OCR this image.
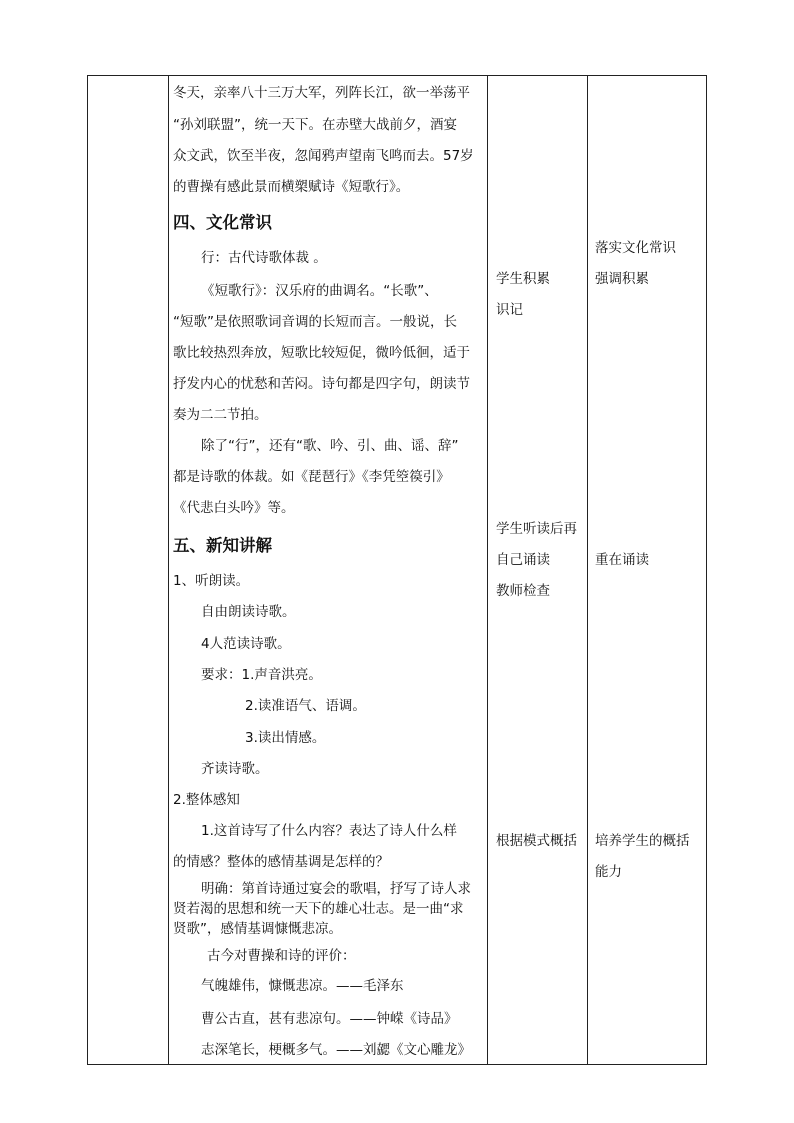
冬天，亲率八十三万大军，列阵长江，欲一举荡平
“孙刘联盟”，统一天下。在赤壁大战前夕，酒宴
众文武，饮至半夜，忽闻鸦声望南飞鸣而去。57岁
的曹操有感此景而横槊赋诗《短歌行》。
四、文化常识
行：古代诗歌体裁 。
《短歌行》：汉乐府的曲调名。“长歌”、
“短歌”是依照歌词音调的长短而言。一般说，长
歌比较热烈奔放，短歌比较短促，微吟低徊，适于
抒发内心的忧愁和苦闷。诗句都是四字句，朗读节
奏为二二节拍。
除了“行”，还有“歌、吟、引、曲、谣、辞”
都是诗歌的体裁。如《琵琶行》《李凭箜篌引》
《代悲白头吟》等。
五、新知讲解
1、听朗读。
自由朗读诗歌。
4人范读诗歌。
要求：1.声音洪亮。
2.读准语气、语调。
3.读出情感。
齐读诗歌。
2.整体感知
1.这首诗写了什么内容？表达了诗人什么样
的情感？整体的感情基调是怎样的？
明确：第首诗通过宴会的歌唱，抒写了诗人求
贤若渴的思想和统一天下的雄心壮志。是一曲“求
贤歌”，感情基调慷慨悲凉。
古今对曹操和诗的评价：
气魄雄伟，慷慨悲凉。——毛泽东
曹公古直，甚有悲凉句。——钟嵘《诗品》
志深笔长，梗概多气。——刘勰《文心雕龙》
学生积累
识记
学生听读后再
自己诵读
教师检查
根据模式概括
落实文化常识
强调积累
重在诵读
培养学生的概括
能力
